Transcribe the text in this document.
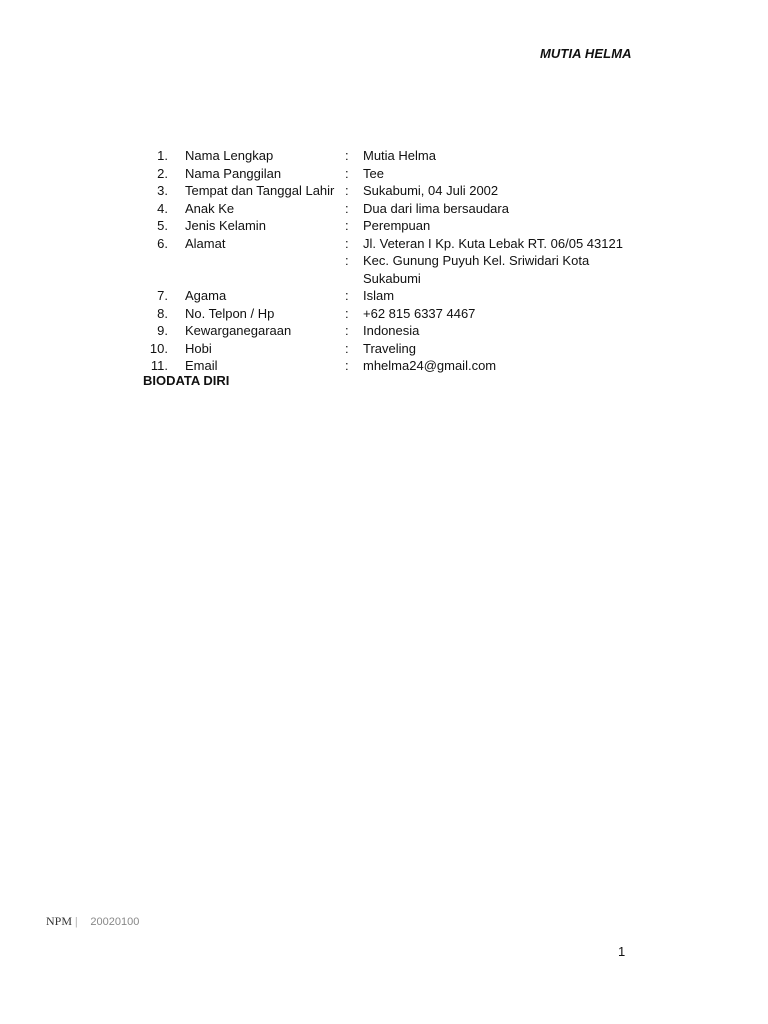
MUTIA HELMA
1. Nama Lengkap	:	Mutia Helma
2. Nama Panggilan	:	Tee
3. Tempat dan Tanggal Lahir :	Sukabumi, 04 Juli 2002
4. Anak Ke	:	Dua dari lima bersaudara
5. Jenis Kelamin	:	Perempuan
6. Alamat	:	Jl. Veteran I Kp. Kuta Lebak RT. 06/05 43121
:	Kec. Gunung Puyuh Kel. Sriwidari Kota Sukabumi
7. Agama	:	Islam
8. No. Telpon / Hp	:	+62 815 6337 4467
9. Kewarganegaraan	:	Indonesia
10. Hobi	:	Traveling
11. Email	:	mhelma24@gmail.com
BIODATA DIRI
NPM | 20020100
1
